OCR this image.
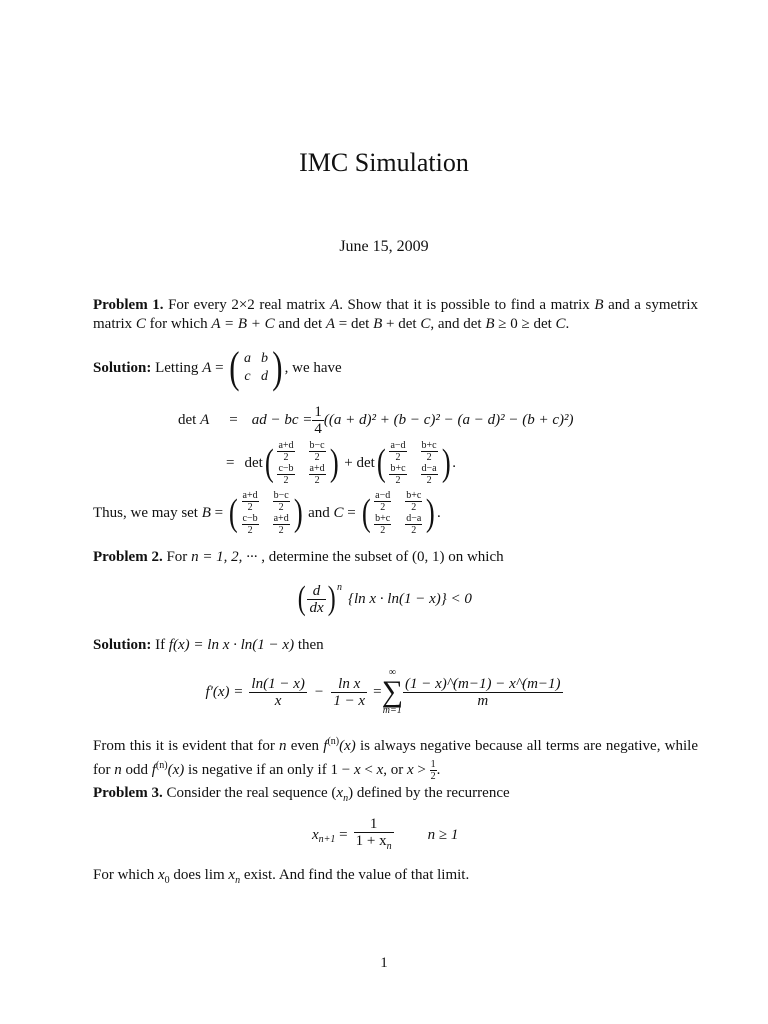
IMC Simulation
June 15, 2009
Problem 1. For every 2×2 real matrix A. Show that it is possible to find a matrix B and a symetrix matrix C for which A = B + C and det A = det B + det C, and det B ≥ 0 ≥ det C.
Solution: Letting A = ( a b
c d ) , we have
det A = ad − bc = $\frac{1}{4} ((a + d)^2 + (b - c)^2 - (a - d)^2 - (b + c)^2)$
= det ( $\frac{a+d}{2} \frac{b-c}{2}$
$\frac{c-b}{2} \frac{a+d}{2}$ ) + det ( $\frac{a-d}{2} \frac{b+c}{2}$
$\frac{b+c}{2} \frac{d-a}{2}$ ) .
Thus, we may set B = ( $\frac{a+d}{2} \frac{b-c}{2}$
$\frac{c-b}{2} \frac{a+d}{2}$ ) and C = ( $\frac{a-d}{2} \frac{b+c}{2}$
$\frac{b+c}{2} \frac{d-a}{2}$ ) .
Problem 2. For n = 1, 2, ··· , determine the subset of (0, 1) on which
( $\frac{d}{dx} )^n$
{ln x · ln(1 − x)} < 0
Solution: If f(x) = ln x · ln(1 − x) then
$f'(x) = \frac{\ln(1 - x)}{x} - \frac{\text{ln x}}{1 - x}$ =
∞
∑
m=1
$\frac{(1 - x)\^{}(m-1) - x\^{}(m-1)}{m}$
From this it is evident that for n even $f^{(n)}(x)$ is always negative because all terms are negative, while for n odd $f^{(n)}(x)$ is negative if an only if 1 − x < x, or $x > \frac{1}{2}$ .
Problem 3. Consider the real sequence $(x_n)$ defined by the recurrence
$x_{n+1} = \frac{1}{1 + x_n}$ n ≥ 1
For which $x_0$ does $\lim x_n$ exist. And find the value of that limit.
1
